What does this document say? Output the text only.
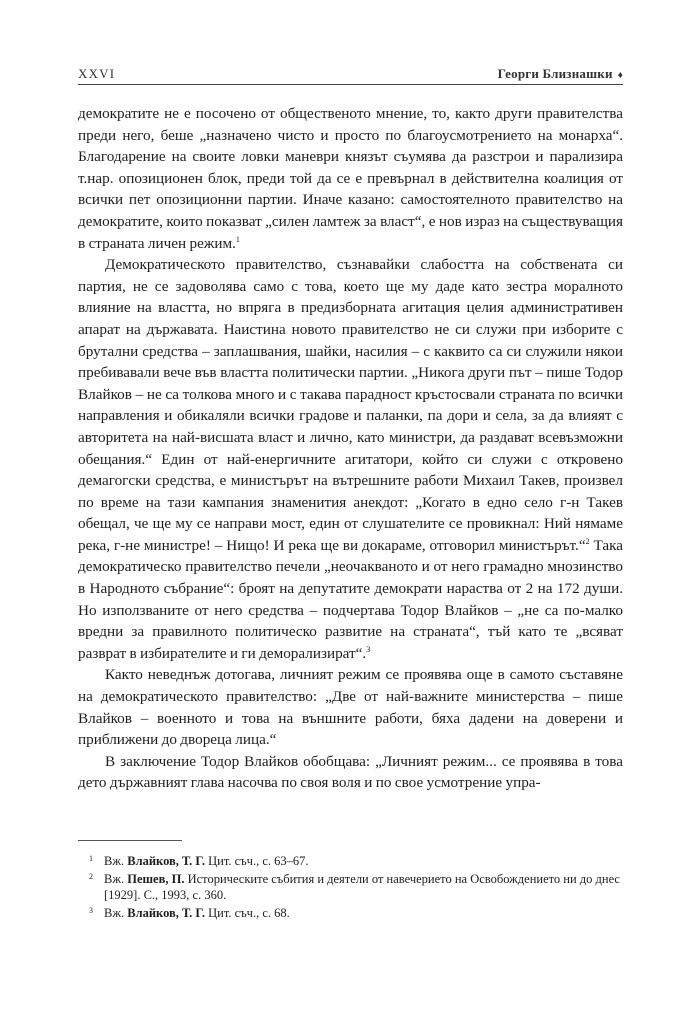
XXVI	Георги Близнашки ♦

демократите не е посочено от общественото мнение, то, както други правителства преди него, беше „назначено чисто и просто по благоусмотрението на монарха“. Благодарение на своите ловки маневри князът съумява да разстрои и парализира т.нар. опозиционен блок, преди той да се е превърнал в действителна коалиция от всички пет опозиционни партии. Иначе казано: самостоятелното правителство на демократите, които показват „силен ламтеж за власт“, е нов израз на съществуващия в страната личен режим.$^1$

Демократическото правителство, съзнавайки слабостта на собствената си партия, не се задоволява само с това, което ще му даде като зестра моралното влияние на властта, но впряга в предизборната агитация целия административен апарат на държавата. Наистина новото правителство не си служи при изборите с брутални средства – заплашвания, шайки, насилия – с каквито са си служили някои пребивавали вече във властта политически партии. „Никога други път – пише Тодор Влайков – не са толкова много и с такава парадност кръстосвали страната по всички направления и обикаляли всички градове и паланки, па дори и села, за да влияят с авторитета на най-висшата власт и лично, като министри, да раздават всевъзможни обещания.“ Един от най-енергичните агитатори, който си служи с откровено демагогски средства, е министърът на вътрешните работи Михаил Такев, произвел по време на тази кампания знаменития анекдот: „Когато в едно село г-н Такев обещал, че ще му се направи мост, един от слушателите се провикнал: Ний нямаме река, г-не министре! – Нищо! И река ще ви докараме, отговорил министърът.“$^2$ Така демократическо правителство печели „неочакваното и от него грамадно мнозинство в Народното събрание“: броят на депутатите демократи нараства от 2 на 172 души. Но използваните от него средства – подчертава Тодор Влайков – „не са по-малко вредни за правилното политическо развитие на страната“, тъй като те „всяват разврат в избирателите и ги деморализират“.$^3$

Както неведнъж дотогава, личният режим се проявява още в самото съставяне на демократическото правителство: „Две от най-важните министерства – пише Влайков – военното и това на външните работи, бяха дадени на доверени и приближени до двореца лица.“

В заключение Тодор Влайков обобщава: „Личният режим... се проявява в това дето държавният глава насочва по своя воля и по свое усмотрение упра-

1 Вж. Влайков, Т. Г. Цит. съч., с. 63–67.

2 Вж. Пешев, П. Историческите събития и деятели от навечерието на Освобождението ни до днес [1929]. С., 1993, с. 360.

3 Вж. Влайков, Т. Г. Цит. съч., с. 68.
